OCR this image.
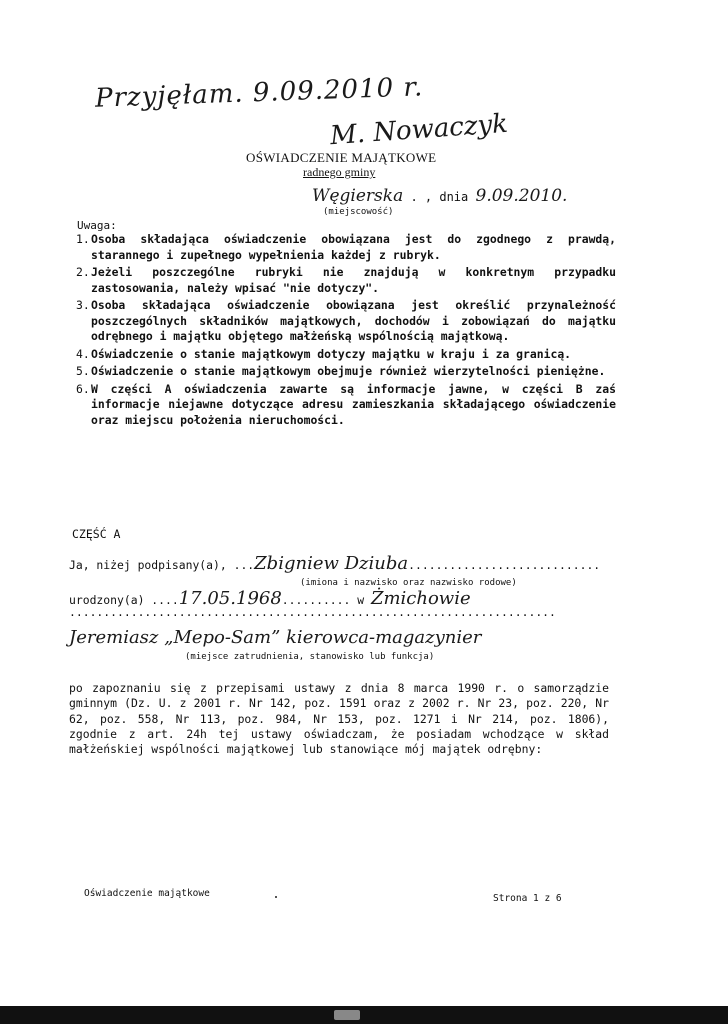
Przyjęłam. 9.09.2010 r.
M. Nowaczyk
OŚWIADCZENIE MAJĄTKOWE
radnego gminy
Węgierska . , dnia 9.09.2010.
(miejscowość)
Uwaga:
1. Osoba składająca oświadczenie obowiązana jest do zgodnego z prawdą, starannego i zupełnego wypełnienia każdej z rubryk.
2. Jeżeli poszczególne rubryki nie znajdują w konkretnym przypadku zastosowania, należy wpisać "nie dotyczy".
3. Osoba składająca oświadczenie obowiązana jest określić przynależność poszczególnych składników majątkowych, dochodów i zobowiązań do majątku odrębnego i majątku objętego małżeńską wspólnością majątkową.
4. Oświadczenie o stanie majątkowym dotyczy majątku w kraju i za granicą.
5. Oświadczenie o stanie majątkowym obejmuje również wierzytelności pieniężne.
6. W części A oświadczenia zawarte są informacje jawne, w części B zaś informacje niejawne dotyczące adresu zamieszkania składającego oświadczenie oraz miejscu położenia nieruchomości.
CZĘŚĆ A
Ja, niżej podpisany(a), ...Zbigniew Dziuba............................
(imiona i nazwisko oraz nazwisko rodowe)
urodzony(a) ....17.05.1968.......... w Żmichowie
.......................................................................
Jeremiasz „Mepo-Sam” kierowca-magazynier
(miejsce zatrudnienia, stanowisko lub funkcja)

po zapoznaniu się z przepisami ustawy z dnia 8 marca 1990 r. o samorządzie gminnym (Dz. U. z 2001 r. Nr 142, poz. 1591 oraz z 2002 r. Nr 23, poz. 220, Nr 62, poz. 558, Nr 113, poz. 984, Nr 153, poz. 1271 i Nr 214, poz. 1806), zgodnie z art. 24h tej ustawy oświadczam, że posiadam wchodzące w skład małżeńskiej wspólności majątkowej lub stanowiące mój majątek odrębny:

Oświadczenie majątkowe	Strona 1 z 6
